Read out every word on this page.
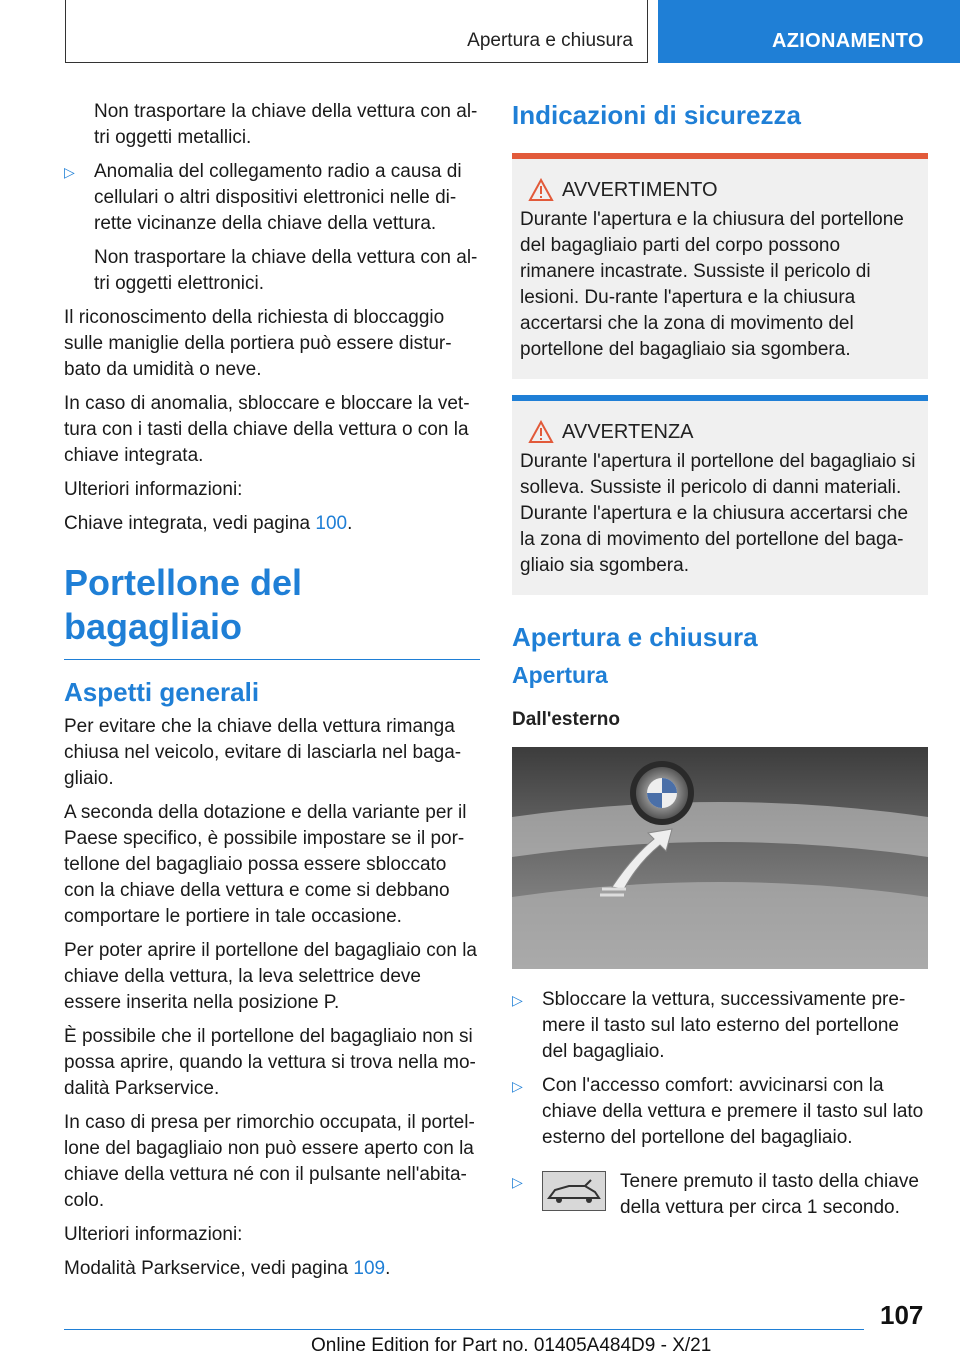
Apertura e chiusura	AZIONAMENTO

Non trasportare la chiave della vettura con al-tri oggetti metallici.

▷ Anomalia del collegamento radio a causa di cellulari o altri dispositivi elettronici nelle di-rette vicinanze della chiave della vettura.

Non trasportare la chiave della vettura con al-tri oggetti elettronici.

Il riconoscimento della richiesta di bloccaggio sulle maniglie della portiera può essere distur-bato da umidità o neve.

In caso di anomalia, sbloccare e bloccare la vet-tura con i tasti della chiave della vettura o con la chiave integrata.

Ulteriori informazioni:

Chiave integrata, vedi pagina 100.

Portellone del bagagliaio
Aspetti generali

Per evitare che la chiave della vettura rimanga chiusa nel veicolo, evitare di lasciarla nel baga-gliaio.

A seconda della dotazione e della variante per il Paese specifico, è possibile impostare se il por-tellone del bagagliaio possa essere sbloccato con la chiave della vettura e come si debbano comportare le portiere in tale occasione.

Per poter aprire il portellone del bagagliaio con la chiave della vettura, la leva selettrice deve essere inserita nella posizione P.

È possibile che il portellone del bagagliaio non si possa aprire, quando la vettura si trova nella mo-dalità Parkservice.

In caso di presa per rimorchio occupata, il portel-lone del bagagliaio non può essere aperto con la chiave della vettura né con il pulsante nell'abita-colo.

Ulteriori informazioni:

Modalità Parkservice, vedi pagina 109.

Indicazioni di sicurezza
AVVERTIMENTO
Durante l'apertura e la chiusura del portellone del bagagliaio parti del corpo possono rimanere incastrate. Sussiste il pericolo di lesioni. Du-rante l'apertura e la chiusura accertarsi che la zona di movimento del portellone del bagagliaio sia sgombera.
AVVERTENZA
Durante l'apertura il portellone del bagagliaio si solleva. Sussiste il pericolo di danni materiali. Durante l'apertura e la chiusura accertarsi che la zona di movimento del portellone del baga-gliaio sia sgombera.
Apertura e chiusura
Apertura
Dall'esterno

▷ Sbloccare la vettura, successivamente pre-mere il tasto sul lato esterno del portellone del bagagliaio.

▷ Con l'accesso comfort: avvicinarsi con la chiave della vettura e premere il tasto sul lato esterno del portellone del bagagliaio.

▷	Tenere premuto il tasto della chiave della vettura per circa 1 secondo.
107
Online Edition for Part no. 01405A484D9 - X/21
